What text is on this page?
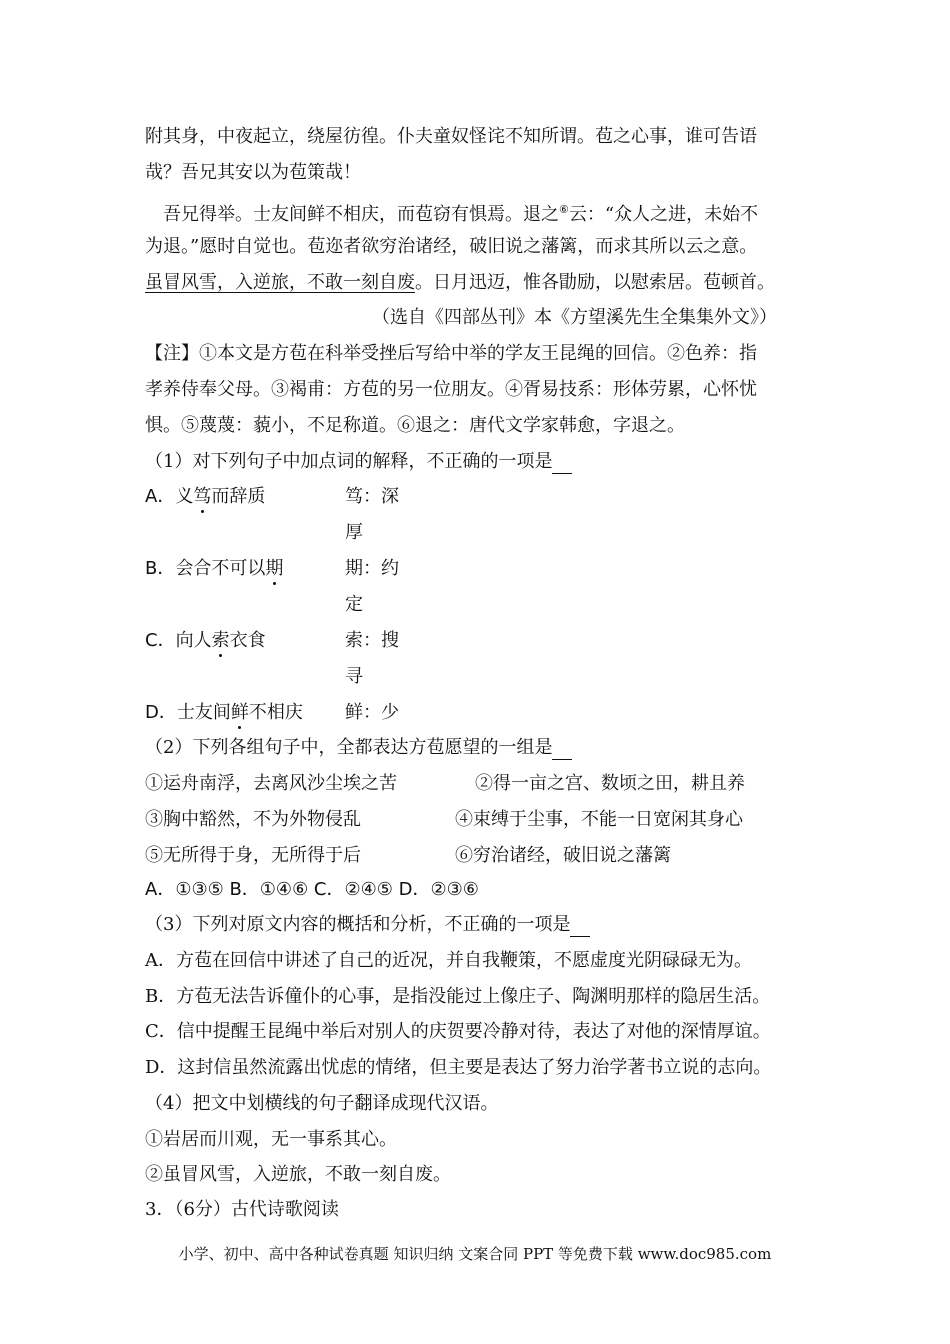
附其身，中夜起立，绕屋彷徨。仆夫童奴怪诧不知所谓。苞之心事，谁可告语
哉？吾兄其安以为苞策哉！
吾兄得举。士友间鲜不相庆，而苞窃有惧焉。退之⑥云：“众人之进，未始不
为退。”愿时自觉也。苞迩者欲穷治诸经，破旧说之藩篱，而求其所以云之意。
虽冒风雪，入逆旅，不敢一刻自废。日月迅迈，惟各勖励，以慰索居。苞顿首。
（选自《四部丛刊》本《方望溪先生全集集外文》）
【注】①本文是方苞在科举受挫后写给中举的学友王昆绳的回信。②色养：指
孝养侍奉父母。③褐甫：方苞的另一位朋友。④胥易技系：形体劳累，心怀忧
惧。⑤蔑蔑：藐小，不足称道。⑥退之：唐代文学家韩愈，字退之。
（1）对下列句子中加点词的解释，不正确的一项是
A．义笃而辞质	笃：深厚
B．会合不可以期	期：约定
C．向人索衣食	索：搜寻
D．士友间鲜不相庆 鲜：少
（2）下列各组句子中，全都表达方苞愿望的一组是
①运舟南浮，去离风沙尘埃之苦	②得一亩之宫、数顷之田，耕且养
③胸中豁然，不为外物侵乱	④束缚于尘事，不能一日宽闲其身心
⑤无所得于身，无所得于后	⑥穷治诸经，破旧说之藩篱
A．①③⑤ B．①④⑥ C．②④⑤ D．②③⑥
（3）下列对原文内容的概括和分析，不正确的一项是
A．方苞在回信中讲述了自己的近况，并自我鞭策，不愿虚度光阴碌碌无为。
B．方苞无法告诉僮仆的心事，是指没能过上像庄子、陶渊明那样的隐居生活。
C．信中提醒王昆绳中举后对别人的庆贺要冷静对待，表达了对他的深情厚谊。
D．这封信虽然流露出忧虑的情绪，但主要是表达了努力治学著书立说的志向。
（4）把文中划横线的句子翻译成现代汉语。
①岩居而川观，无一事系其心。
②虽冒风雪，入逆旅，不敢一刻自废。
3．（6分）古代诗歌阅读
小学、初中、高中各种试卷真题 知识归纳 文案合同 PPT 等免费下载 www.doc985.com
